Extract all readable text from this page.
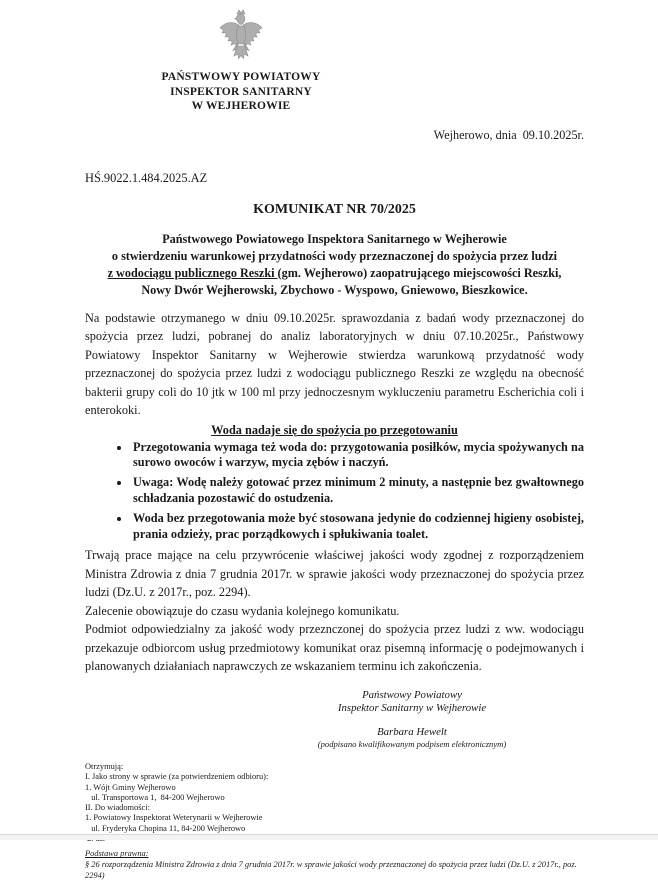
PAŃSTWOWY POWIATOWY
INSPEKTOR SANITARNY
W WEJHEROWIE
Wejherowo, dnia  09.10.2025r.
HŚ.9022.1.484.2025.AZ
KOMUNIKAT NR 70/2025
Państwowego Powiatowego Inspektora Sanitarnego w Wejherowie
o stwierdzeniu warunkowej przydatności wody przeznaczonej do spożycia przez ludzi
z wodociągu publicznego Reszki (gm. Wejherowo) zaopatrującego miejscowości Reszki,
Nowy Dwór Wejherowski, Zbychowo - Wyspowo, Gniewowo, Bieszkowice.

Na podstawie otrzymanego w dniu 09.10.2025r. sprawozdania z badań wody przeznaczonej do spożycia przez ludzi, pobranej do analiz laboratoryjnych w dniu 07.10.2025r., Państwowy Powiatowy Inspektor Sanitarny w Wejherowie stwierdza warunkową przydatność wody przeznaczonej do spożycia przez ludzi z wodociągu publicznego Reszki ze względu na obecność bakterii grupy coli do 10 jtk w 100 ml przy jednoczesnym wykluczeniu parametru Escherichia coli i enterokoki.

Woda nadaje się do spożycia po przegotowaniu
• Przegotowania wymaga też woda do: przygotowania posiłków, mycia spożywanych na surowo owoców i warzyw, mycia zębów i naczyń.
• Uwaga: Wodę należy gotować przez minimum 2 minuty, a następnie bez gwałtownego schładzania pozostawić do ostudzenia.
• Woda bez przegotowania może być stosowana jedynie do codziennej higieny osobistej, prania odzieży, prac porządkowych i spłukiwania toalet.

Trwają prace mające na celu przywrócenie właściwej jakości wody zgodnej z rozporządzeniem Ministra Zdrowia z dnia 7 grudnia 2017r. w sprawie jakości wody przeznaczonej do spożycia przez ludzi (Dz.U. z 2017r., poz. 2294).

Zalecenie obowiązuje do czasu wydania kolejnego komunikatu.

Podmiot odpowiedzialny za jakość wody przeznczonej do spożycia przez ludzi z ww. wodociągu przekazuje odbiorcom usług przedmiotowy komunikat oraz pisemną informację o podejmowanych i planowanych działaniach naprawczych ze wskazaniem terminu ich zakończenia.

Państwowy Powiatowy
Inspektor Sanitarny w Wejherowie
Barbara Hewelt
(podpisano kwalifikowanym podpisem elektronicznym)
Otrzymują:
I. Jako strony w sprawie (za potwierdzeniem odbioru):
1. Wójt Gminy Wejherowo
ul. Transportowa 1,  84-200 Wejherowo
II. Do wiadomości:
1. Powiatowy Inspektorat Weterynarii w Wejherowie
ul. Fryderyka Chopina 11, 84-200 Wejherowo
Podstawa prawna:
§ 26 rozporządzenia Ministra Zdrowia z dnia 7 grudnia 2017r. w sprawie jakości wody przeznaczonej do spożycia przez ludzi (Dz.U. z 2017r., poz. 2294)
